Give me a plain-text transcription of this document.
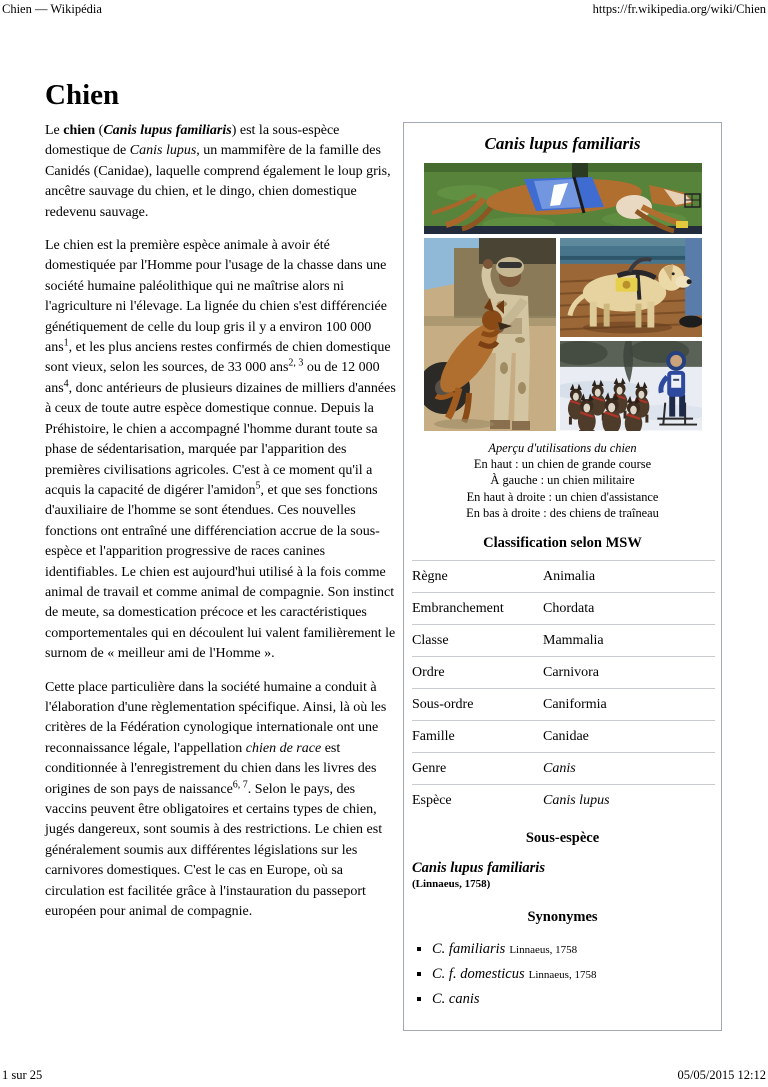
Chien — Wikipédia	https://fr.wikipedia.org/wiki/Chien
Chien

Le chien (Canis lupus familiaris) est la sous-espèce domestique de Canis lupus, un mammifère de la famille des Canidés (Canidae), laquelle comprend également le loup gris, ancêtre sauvage du chien, et le dingo, chien domestique redevenu sauvage.

Le chien est la première espèce animale à avoir été domestiquée par l'Homme pour l'usage de la chasse dans une société humaine paléolithique qui ne maîtrise alors ni l'agriculture ni l'élevage. La lignée du chien s'est différenciée génétiquement de celle du loup gris il y a environ 100 000 ans$^1$, et les plus anciens restes confirmés de chien domestique sont vieux, selon les sources, de 33 000 ans$^{2, 3}$ ou de 12 000 ans$^4$, donc antérieurs de plusieurs dizaines de milliers d'années à ceux de toute autre espèce domestique connue. Depuis la Préhistoire, le chien a accompagné l'homme durant toute sa phase de sédentarisation, marquée par l'apparition des premières civilisations agricoles. C'est à ce moment qu'il a acquis la capacité de digérer l'amidon$^5$, et que ses fonctions d'auxiliaire de l'homme se sont étendues. Ces nouvelles fonctions ont entraîné une différenciation accrue de la sous-espèce et l'apparition progressive de races canines identifiables. Le chien est aujourd'hui utilisé à la fois comme animal de travail et comme animal de compagnie. Son instinct de meute, sa domestication précoce et les caractéristiques comportementales qui en découlent lui valent familièrement le surnom de « meilleur ami de l'Homme ».

Cette place particulière dans la société humaine a conduit à l'élaboration d'une règlementation spécifique. Ainsi, là où les critères de la Fédération cynologique internationale ont une reconnaissance légale, l'appellation chien de race est conditionnée à l'enregistrement du chien dans les livres des origines de son pays de naissance$^{6, 7}$. Selon le pays, des vaccins peuvent être obligatoires et certains types de chien, jugés dangereux, sont soumis à des restrictions. Le chien est généralement soumis aux différentes législations sur les carnivores domestiques. C'est le cas en Europe, où sa circulation est facilitée grâce à l'instauration du passeport européen pour animal de compagnie.

Canis lupus familiaris
Aperçu d'utilisations du chien
En haut : un chien de grande course
À gauche : un chien militaire
En haut à droite : un chien d'assistance
En bas à droite : des chiens de traîneau
Classification selon MSW
Règne	Animalia
Embranchement	Chordata
Classe	Mammalia
Ordre	Carnivora
Sous-ordre	Caniformia
Famille	Canidae
Genre	Canis
Espèce	Canis lupus
Sous-espèce
Canis lupus familiaris
(Linnaeus, 1758)
Synonymes
▪ C. familiaris Linnaeus, 1758
▪ C. f. domesticus Linnaeus, 1758
▪ C. canis
1 sur 25	05/05/2015 12:12
